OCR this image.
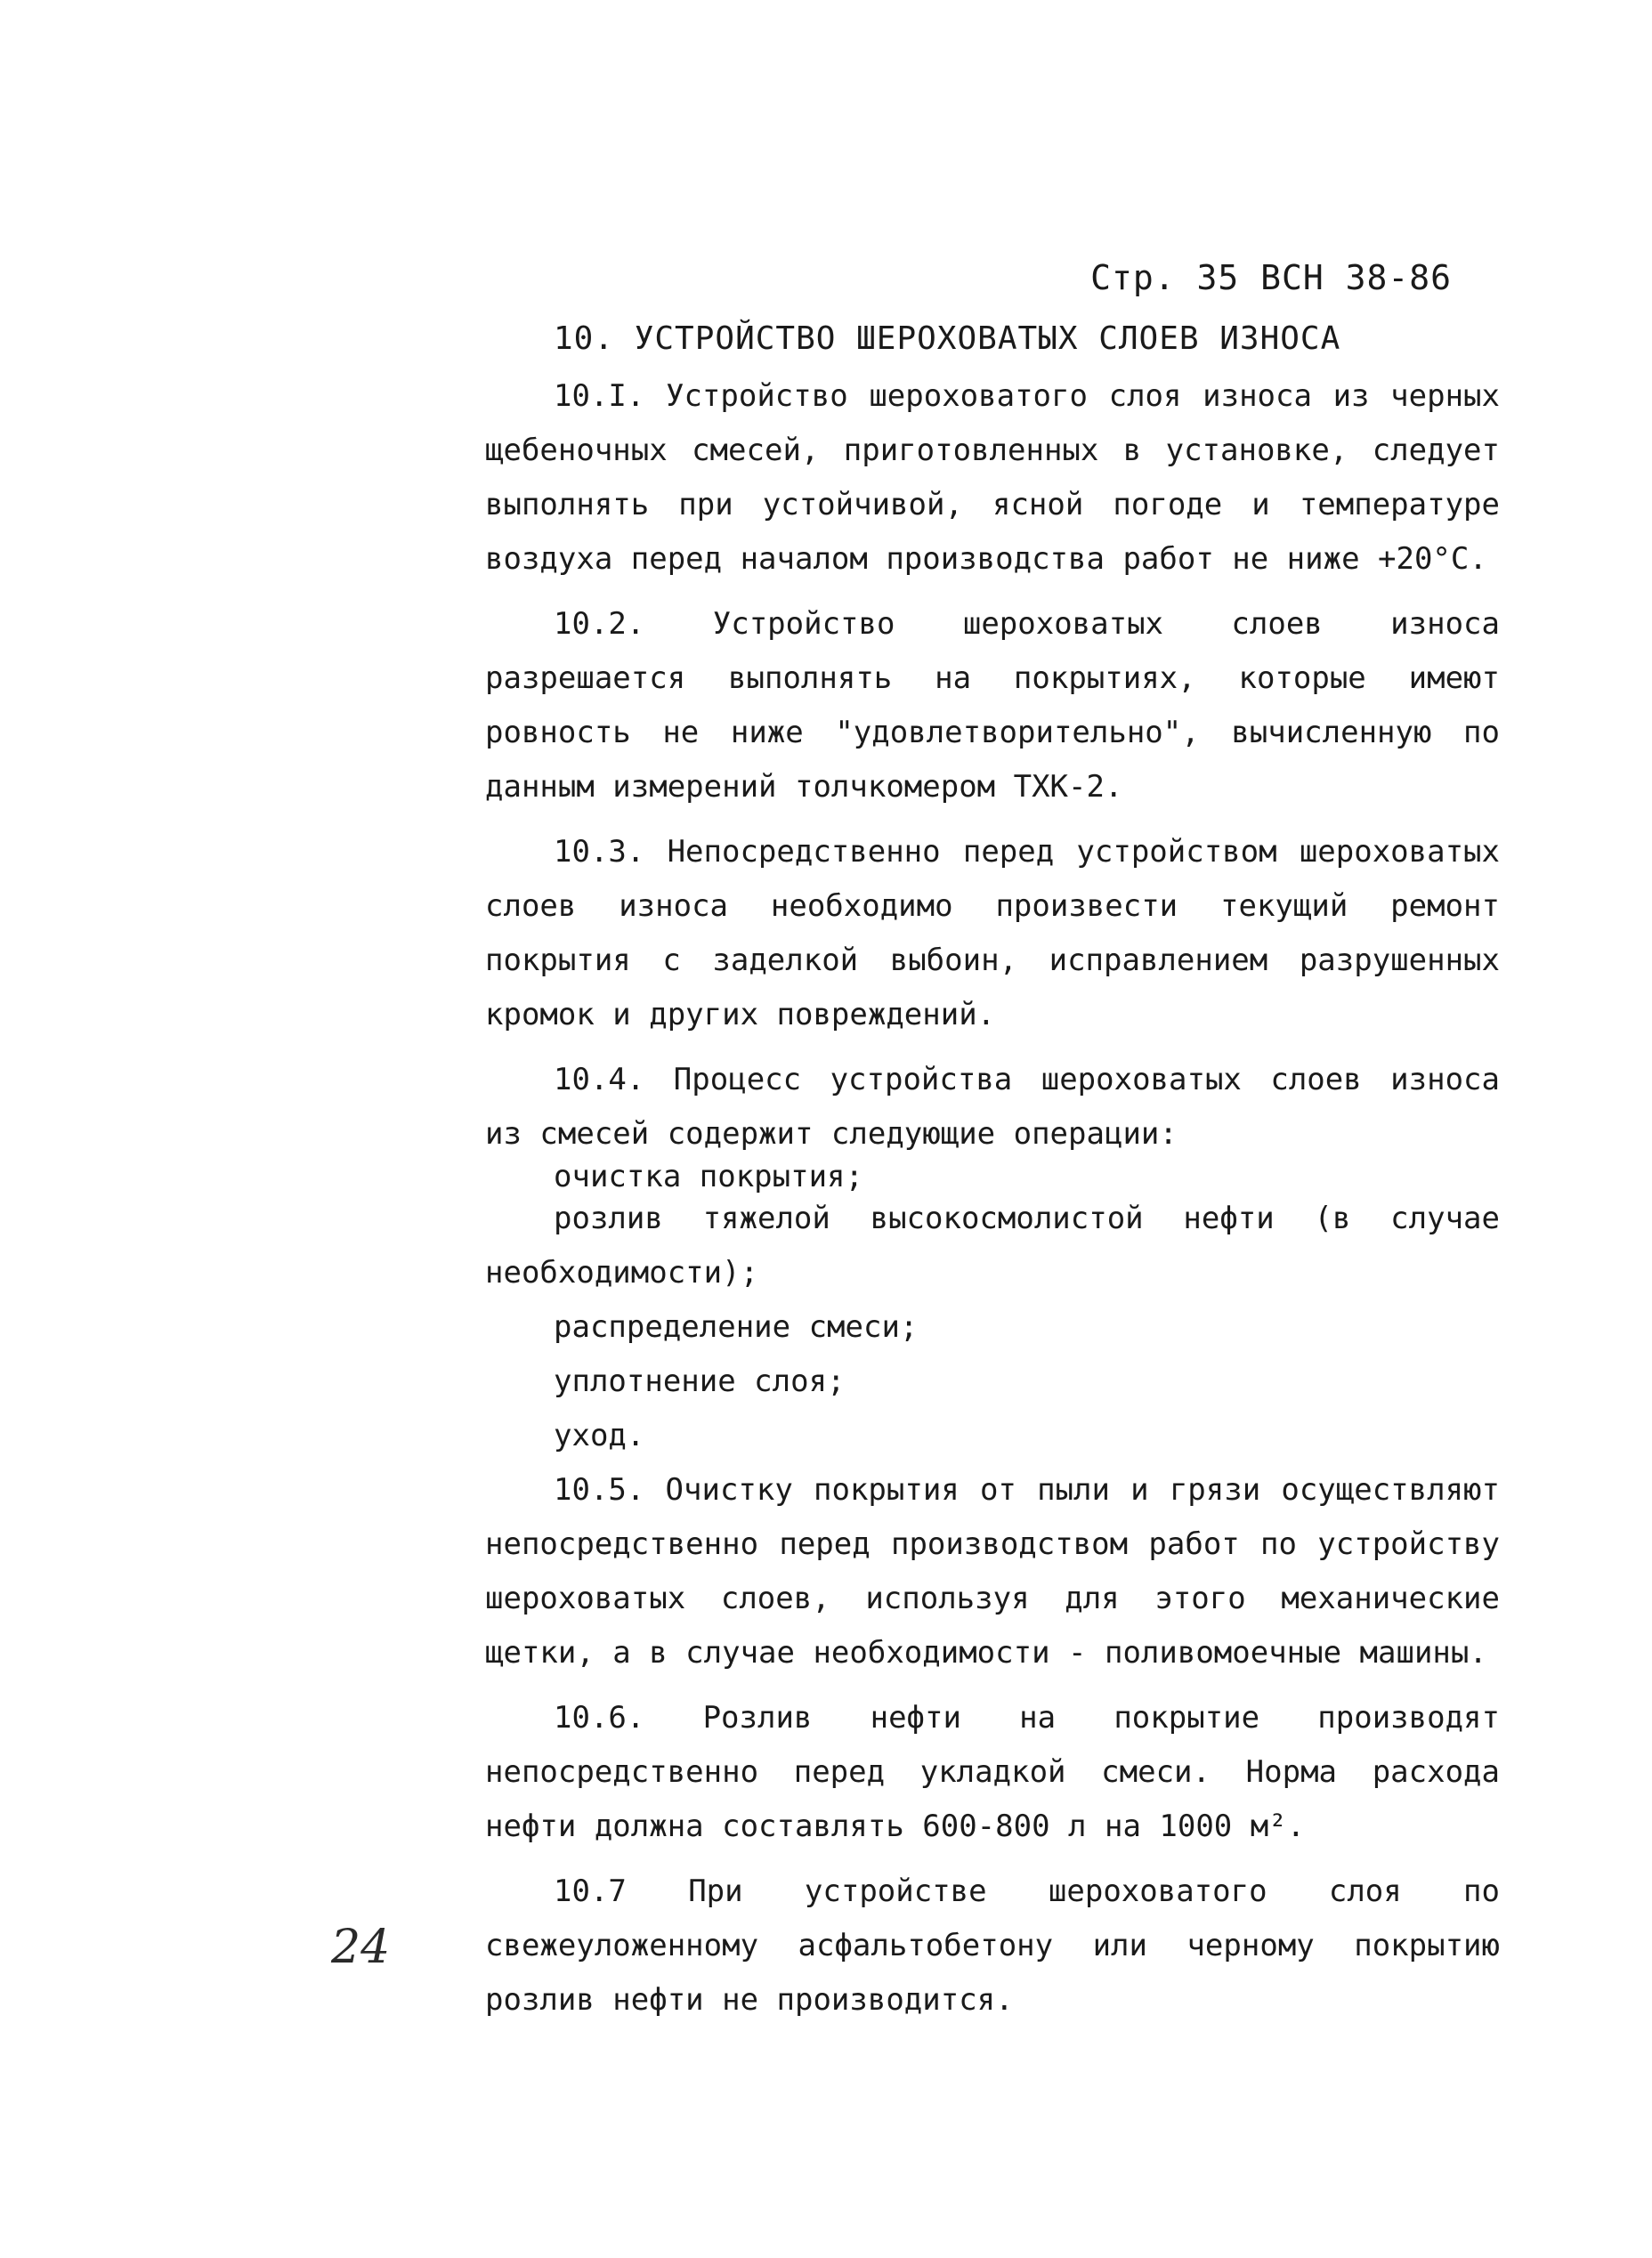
Стр. 35 ВСН 38-86
10. УСТРОЙСТВО ШЕРОХОВАТЫХ СЛОЕВ ИЗНОСА

10.I. Устройство шероховатого слоя износа из черных щебеночных смесей, приготовленных в установке, следует выполнять при устойчивой, ясной погоде и температуре воздуха перед началом производства работ не ниже +20°С.

10.2. Устройство шероховатых слоев износа разрешается выполнять на покрытиях, которые имеют ровность не ниже "удовлетворительно", вычисленную по данным измерений толчкомером ТХК-2.

10.3. Непосредственно перед устройством шероховатых слоев износа необходимо произвести текущий ремонт покрытия с заделкой выбоин, исправлением разрушенных кромок и других повреждений.

10.4. Процесс устройства шероховатых слоев износа из смесей содержит следующие операции:

очистка покрытия;
розлив тяжелой высокосмолистой нефти (в случае необходимости);
распределение смеси;
уплотнение слоя;
уход.

10.5. Очистку покрытия от пыли и грязи осуществляют непосредственно перед производством работ по устройству шероховатых слоев, используя для этого механические щетки, а в случае необходимости - поливомоечные машины.

10.6. Розлив нефти на покрытие производят непосредственно перед укладкой смеси. Норма расхода нефти должна составлять 600-800 л на 1000 м².

10.7 При устройстве шероховатого слоя по свежеуложенному асфальтобетону или черному покрытию розлив нефти не производится.

24
